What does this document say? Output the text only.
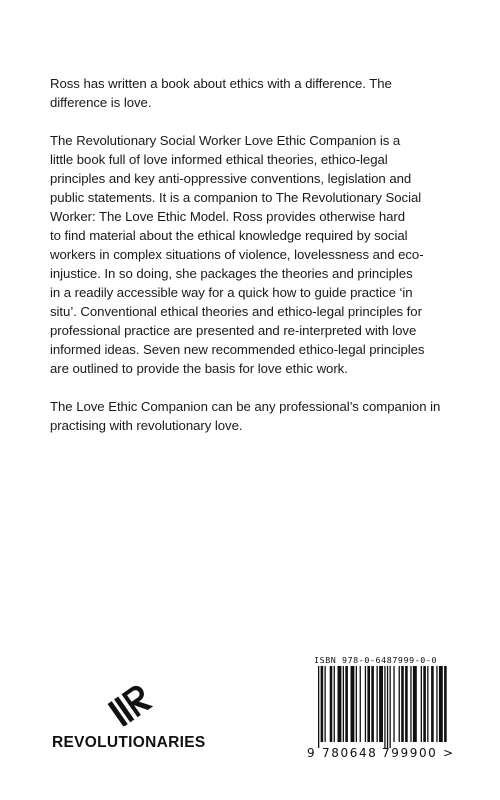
Ross has written a book about ethics with a difference. The
difference is love.

The Revolutionary Social Worker Love Ethic Companion is a
little book full of love informed ethical theories, ethico-legal
principles and key anti-oppressive conventions, legislation and
public statements. It is a companion to The Revolutionary Social
Worker: The Love Ethic Model. Ross provides otherwise hard
to find material about the ethical knowledge required by social
workers in complex situations of violence, lovelessness and eco-
injustice. In so doing, she packages the theories and principles
in a readily accessible way for a quick how to guide practice ‘in
situ’. Conventional ethical theories and ethico-legal principles for
professional practice are presented and re-interpreted with love
informed ideas. Seven new recommended ethico-legal principles
are outlined to provide the basis for love ethic work.

The Love Ethic Companion can be any professional’s companion in
practising with revolutionary love.

REVOLUTIONARIES
ISBN 978-0-6487999-0-0
9 780648 799900 >
